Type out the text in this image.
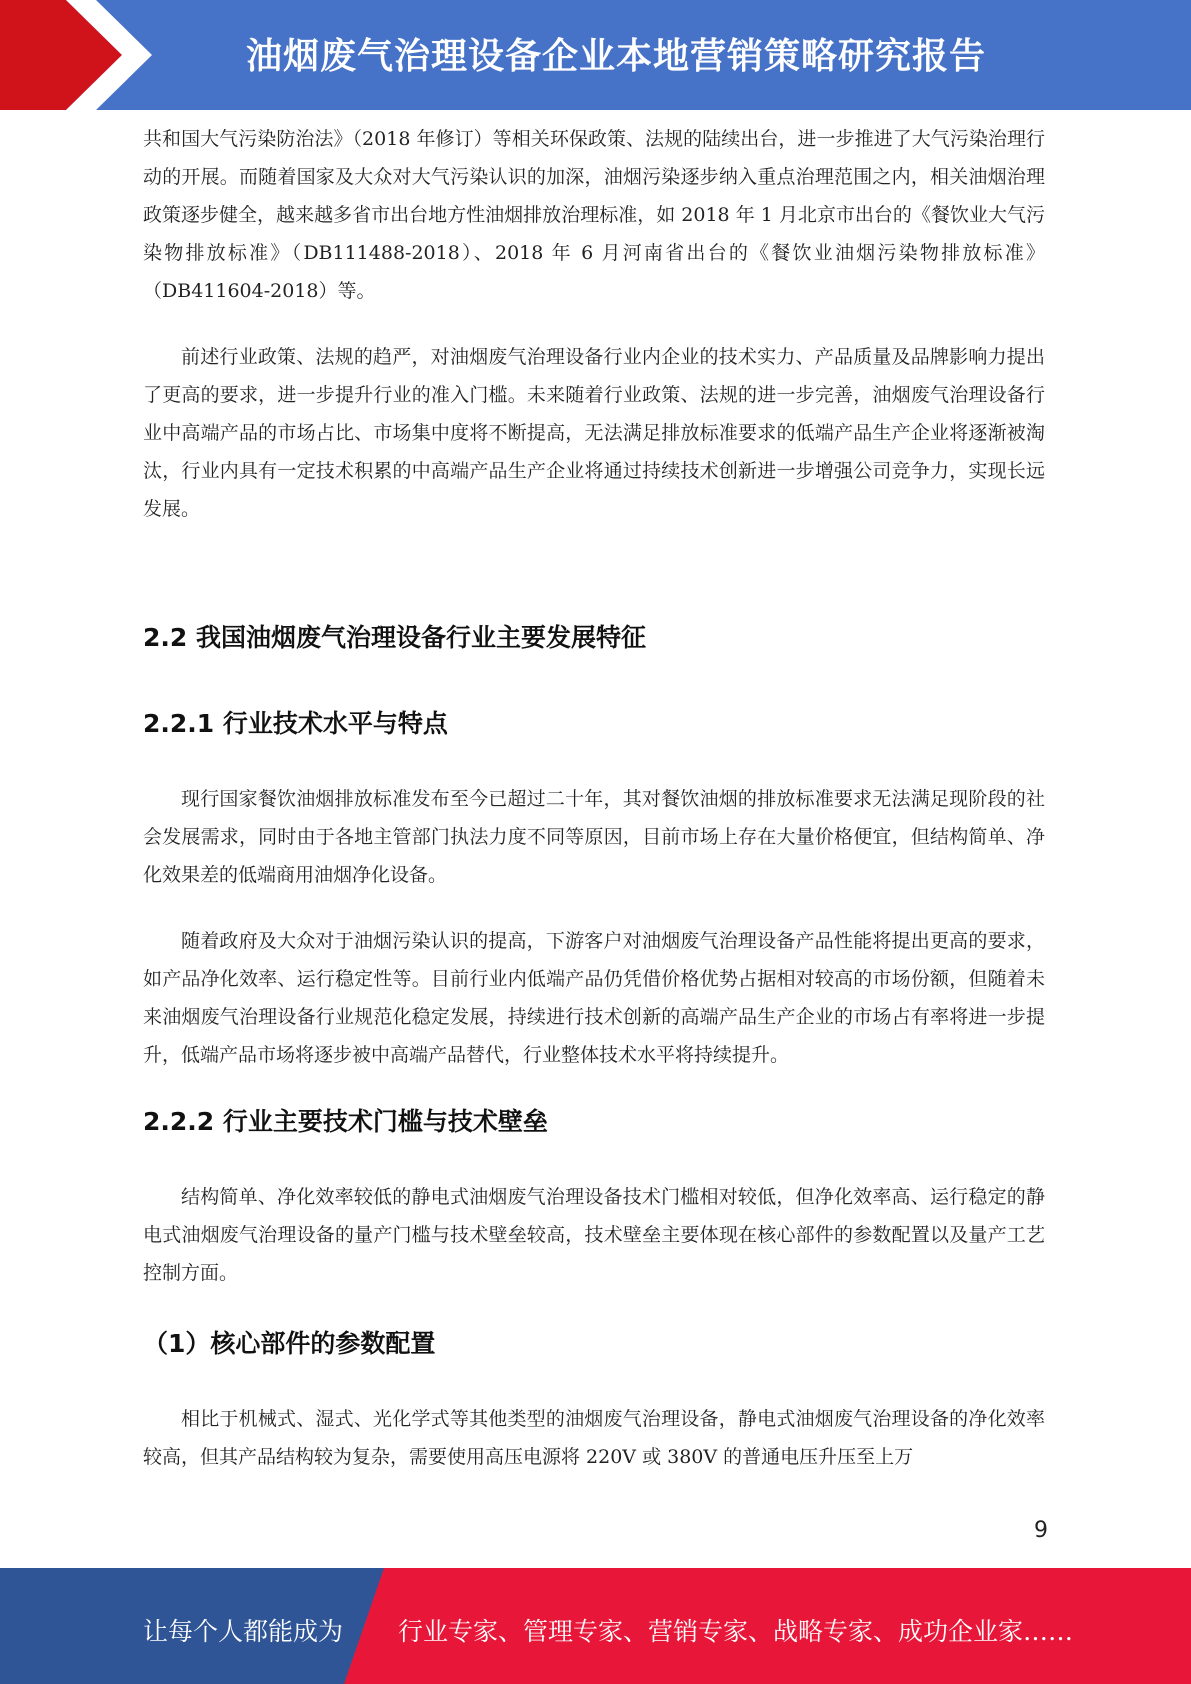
油烟废气治理设备企业本地营销策略研究报告

共和国大气污染防治法》（2018 年修订）等相关环保政策、法规的陆续出台，进一步推进了大气污染治理行动的开展。而随着国家及大众对大气污染认识的加深，油烟污染逐步纳入重点治理范围之内，相关油烟治理政策逐步健全，越来越多省市出台地方性油烟排放治理标准，如 2018 年 1 月北京市出台的《餐饮业大气污染物排放标准》（DB111488-2018）、2018 年 6 月河南省出台的《餐饮业油烟污染物排放标准》（DB411604-2018）等。

前述行业政策、法规的趋严，对油烟废气治理设备行业内企业的技术实力、产品质量及品牌影响力提出了更高的要求，进一步提升行业的准入门槛。未来随着行业政策、法规的进一步完善，油烟废气治理设备行业中高端产品的市场占比、市场集中度将不断提高，无法满足排放标准要求的低端产品生产企业将逐渐被淘汰，行业内具有一定技术积累的中高端产品生产企业将通过持续技术创新进一步增强公司竞争力，实现长远发展。

2.2 我国油烟废气治理设备行业主要发展特征
2.2.1 行业技术水平与特点

现行国家餐饮油烟排放标准发布至今已超过二十年，其对餐饮油烟的排放标准要求无法满足现阶段的社会发展需求，同时由于各地主管部门执法力度不同等原因，目前市场上存在大量价格便宜，但结构简单、净化效果差的低端商用油烟净化设备。

随着政府及大众对于油烟污染认识的提高，下游客户对油烟废气治理设备产品性能将提出更高的要求，如产品净化效率、运行稳定性等。目前行业内低端产品仍凭借价格优势占据相对较高的市场份额，但随着未来油烟废气治理设备行业规范化稳定发展，持续进行技术创新的高端产品生产企业的市场占有率将进一步提升，低端产品市场将逐步被中高端产品替代，行业整体技术水平将持续提升。

2.2.2 行业主要技术门槛与技术壁垒

结构简单、净化效率较低的静电式油烟废气治理设备技术门槛相对较低，但净化效率高、运行稳定的静电式油烟废气治理设备的量产门槛与技术壁垒较高，技术壁垒主要体现在核心部件的参数配置以及量产工艺控制方面。

（1）核心部件的参数配置

相比于机械式、湿式、光化学式等其他类型的油烟废气治理设备，静电式油烟废气治理设备的净化效率较高，但其产品结构较为复杂，需要使用高压电源将 220V 或 380V 的普通电压升压至上万

9
让每个人都能成为 行业专家、管理专家、营销专家、战略专家、成功企业家……
